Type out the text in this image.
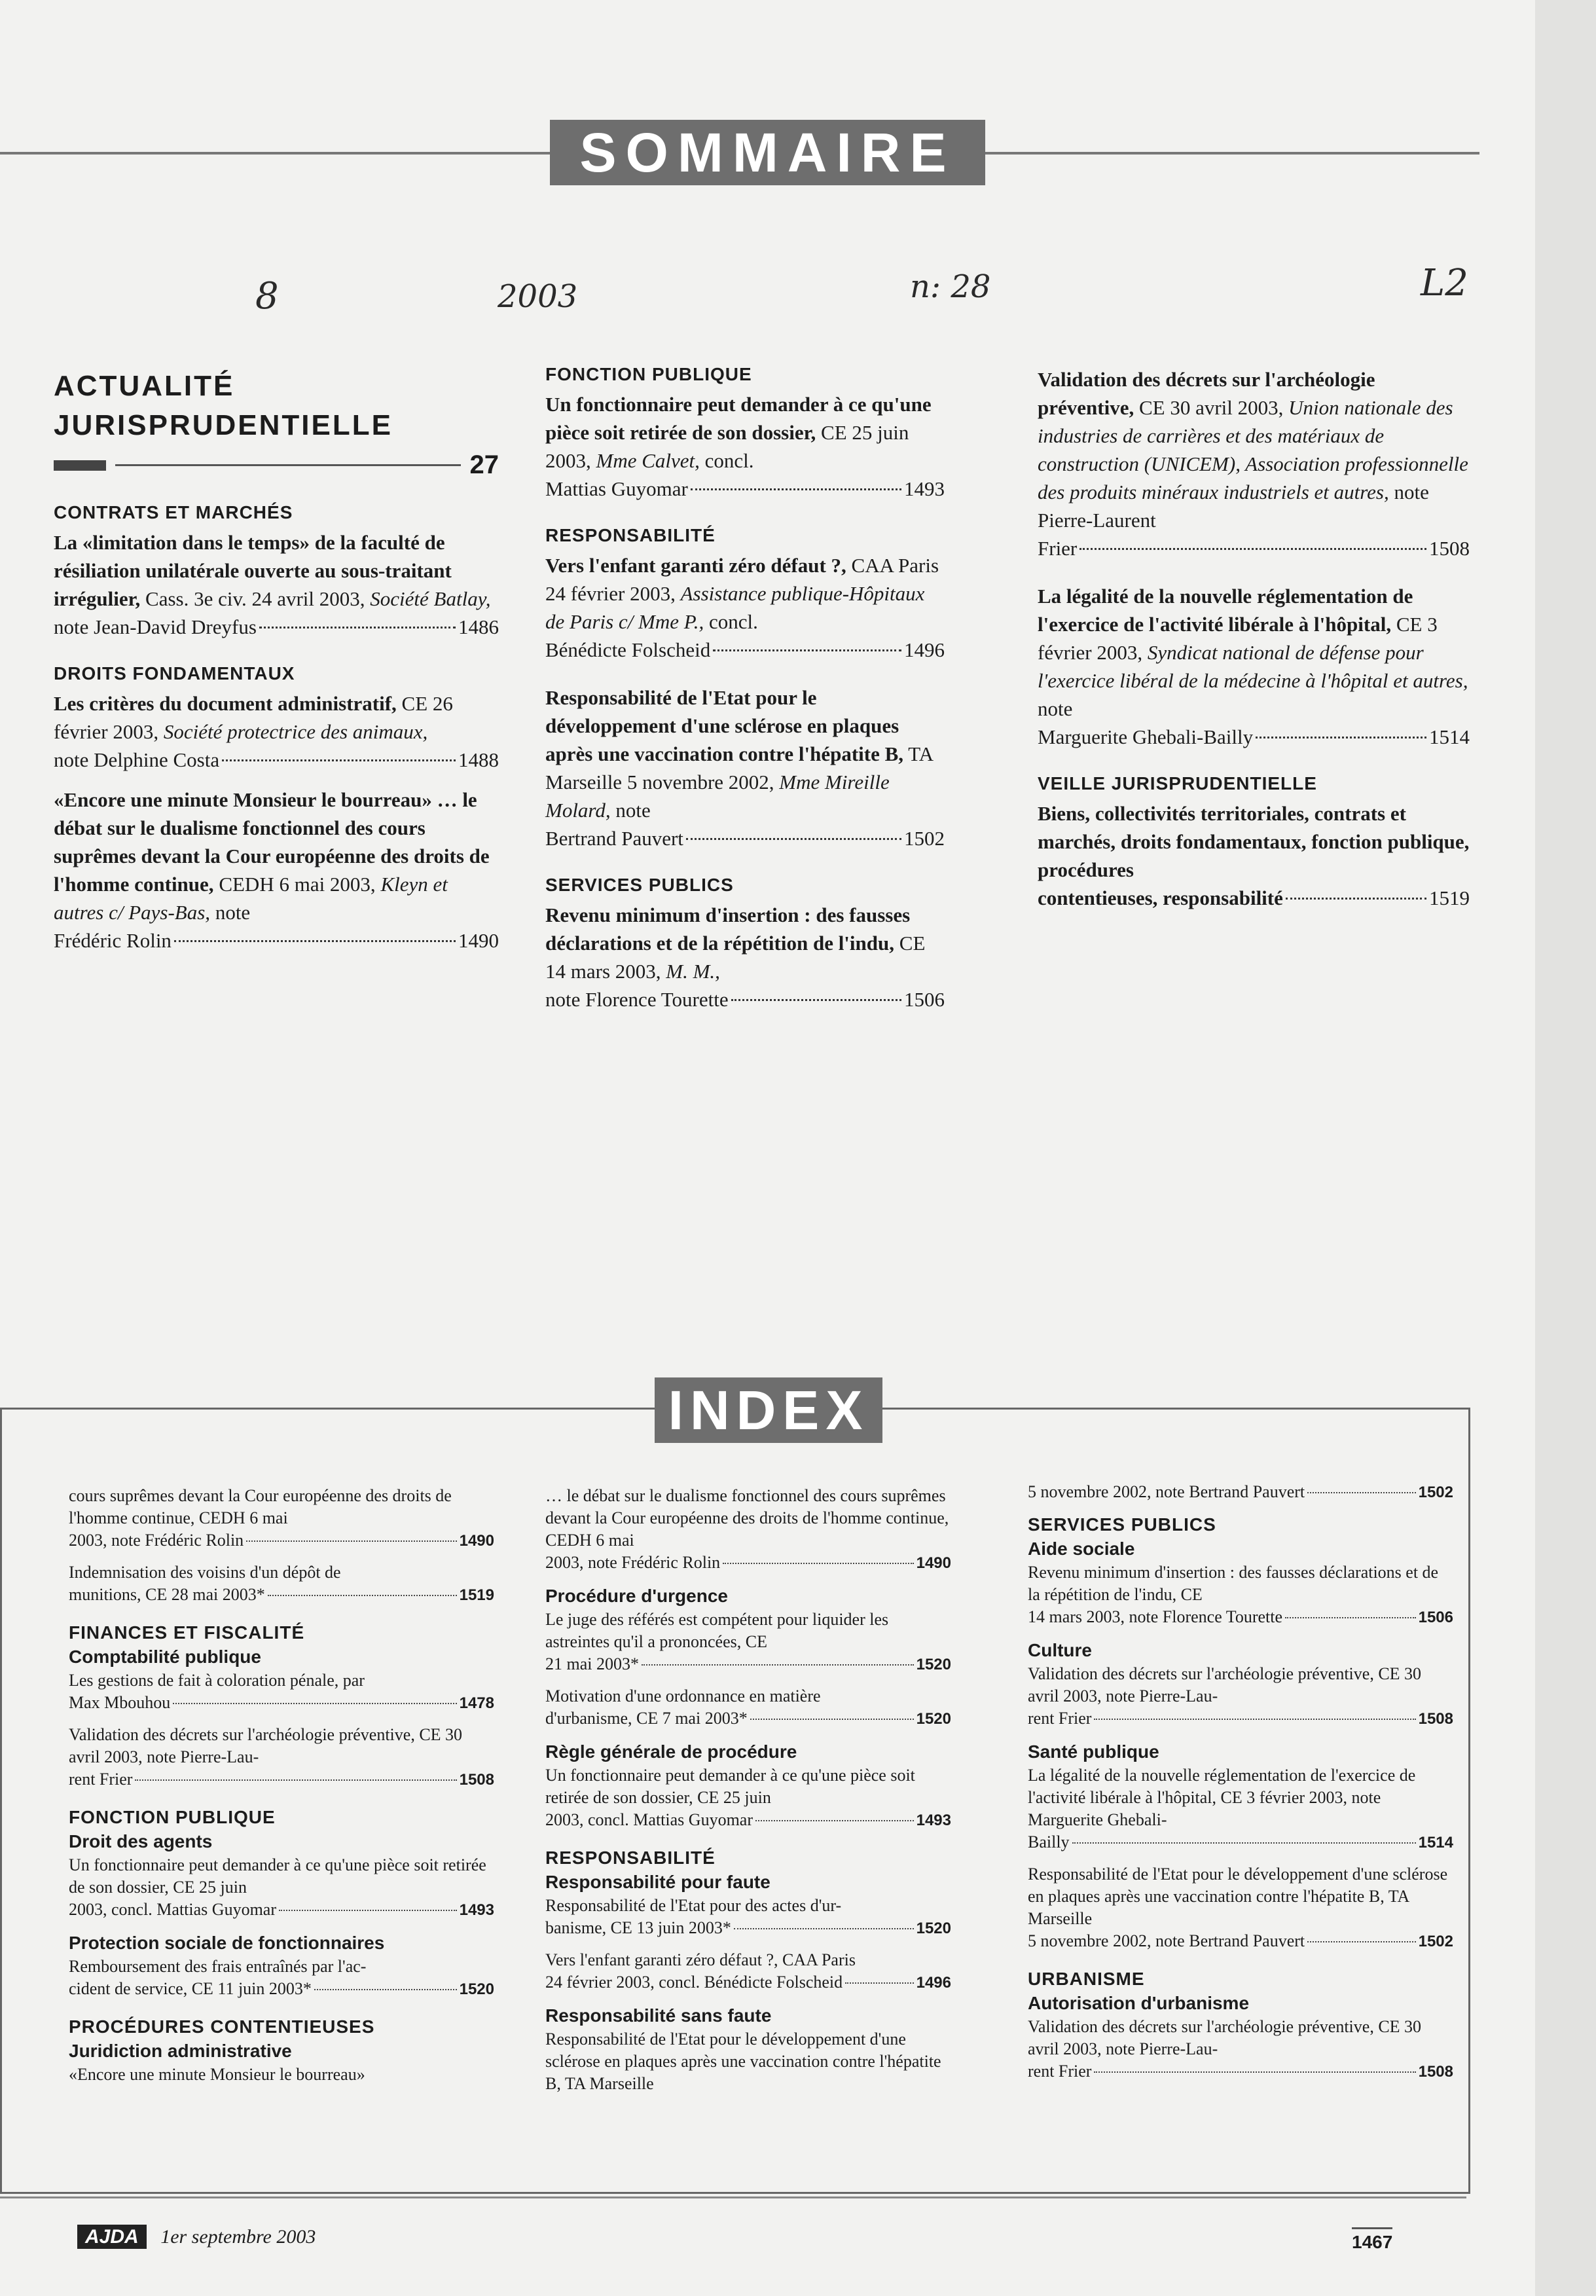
SOMMAIRE
8	2003	n: 28	L2
ACTUALITÉ
JURISPRUDENTIELLE
27
CONTRATS ET MARCHÉS
La «limitation dans le temps» de la faculté de résiliation unilatérale ouverte au sous-traitant irrégulier, Cass. 3e civ. 24 avril 2003, Société Batlay,
note Jean-David Dreyfus	1486
DROITS FONDAMENTAUX
Les critères du document administratif, CE 26 février 2003, Société protectrice des animaux,
note Delphine Costa	1488
«Encore une minute Monsieur le bourreau» … le débat sur le dualisme fonctionnel des cours suprêmes devant la Cour européenne des droits de l'homme continue, CEDH 6 mai 2003, Kleyn et autres c/ Pays-Bas, note
Frédéric Rolin	1490
FONCTION PUBLIQUE
Un fonctionnaire peut demander à ce qu'une pièce soit retirée de son dossier, CE 25 juin 2003, Mme Calvet, concl.
Mattias Guyomar	1493
RESPONSABILITÉ
Vers l'enfant garanti zéro défaut ?, CAA Paris 24 février 2003, Assistance publique-Hôpitaux de Paris c/ Mme P., concl.
Bénédicte Folscheid	1496
Responsabilité de l'Etat pour le développement d'une sclérose en plaques après une vaccination contre l'hépatite B, TA Marseille 5 novembre 2002, Mme Mireille Molard, note
Bertrand Pauvert	1502
SERVICES PUBLICS
Revenu minimum d'insertion : des fausses déclarations et de la répétition de l'indu, CE 14 mars 2003, M. M.,
note Florence Tourette	1506
Validation des décrets sur l'archéologie préventive, CE 30 avril 2003, Union nationale des industries de carrières et des matériaux de construction (UNICEM), Association professionnelle des produits minéraux industriels et autres, note Pierre-Laurent
Frier	1508
La légalité de la nouvelle réglementation de l'exercice de l'activité libérale à l'hôpital, CE 3 février 2003, Syndicat national de défense pour l'exercice libéral de la médecine à l'hôpital et autres, note
Marguerite Ghebali-Bailly	1514
VEILLE JURISPRUDENTIELLE
Biens, collectivités territoriales, contrats et marchés, droits fondamentaux, fonction publique, procédures
contentieuses, responsabilité	1519
INDEX
cours suprêmes devant la Cour européenne des droits de l'homme continue, CEDH 6 mai
2003, note Frédéric Rolin	1490
Indemnisation des voisins d'un dépôt de
munitions, CE 28 mai 2003*	1519
FINANCES ET FISCALITÉ
Comptabilité publique
Les gestions de fait à coloration pénale, par
Max Mbouhou	1478
Validation des décrets sur l'archéologie préventive, CE 30 avril 2003, note Pierre-Lau-
rent Frier	1508
FONCTION PUBLIQUE
Droit des agents
Un fonctionnaire peut demander à ce qu'une pièce soit retirée de son dossier, CE 25 juin
2003, concl. Mattias Guyomar	1493
Protection sociale de fonctionnaires
Remboursement des frais entraînés par l'ac-
cident de service, CE 11 juin 2003*	1520
PROCÉDURES CONTENTIEUSES
Juridiction administrative
«Encore une minute Monsieur le bourreau»
… le débat sur le dualisme fonctionnel des cours suprêmes devant la Cour européenne des droits de l'homme continue, CEDH 6 mai
2003, note Frédéric Rolin	1490
Procédure d'urgence
Le juge des référés est compétent pour liquider les astreintes qu'il a prononcées, CE
21 mai 2003*	1520
Motivation d'une ordonnance en matière
d'urbanisme, CE 7 mai 2003*	1520
Règle générale de procédure
Un fonctionnaire peut demander à ce qu'une pièce soit retirée de son dossier, CE 25 juin
2003, concl. Mattias Guyomar	1493
RESPONSABILITÉ
Responsabilité pour faute
Responsabilité de l'Etat pour des actes d'ur-
banisme, CE 13 juin 2003*	1520
Vers l'enfant garanti zéro défaut ?, CAA Paris
24 février 2003, concl. Bénédicte Folscheid	1496
Responsabilité sans faute
Responsabilité de l'Etat pour le développement d'une sclérose en plaques après une vaccination contre l'hépatite B, TA Marseille
5 novembre 2002, note Bertrand Pauvert	1502
SERVICES PUBLICS
Aide sociale
Revenu minimum d'insertion : des fausses déclarations et de la répétition de l'indu, CE
14 mars 2003, note Florence Tourette	1506
Culture
Validation des décrets sur l'archéologie préventive, CE 30 avril 2003, note Pierre-Lau-
rent Frier	1508
Santé publique
La légalité de la nouvelle réglementation de l'exercice de l'activité libérale à l'hôpital, CE 3 février 2003, note Marguerite Ghebali-
Bailly	1514
Responsabilité de l'Etat pour le développement d'une sclérose en plaques après une vaccination contre l'hépatite B, TA Marseille
5 novembre 2002, note Bertrand Pauvert	1502
URBANISME
Autorisation d'urbanisme
Validation des décrets sur l'archéologie préventive, CE 30 avril 2003, note Pierre-Lau-
rent Frier	1508
AJDA 1er septembre 2003	1467
